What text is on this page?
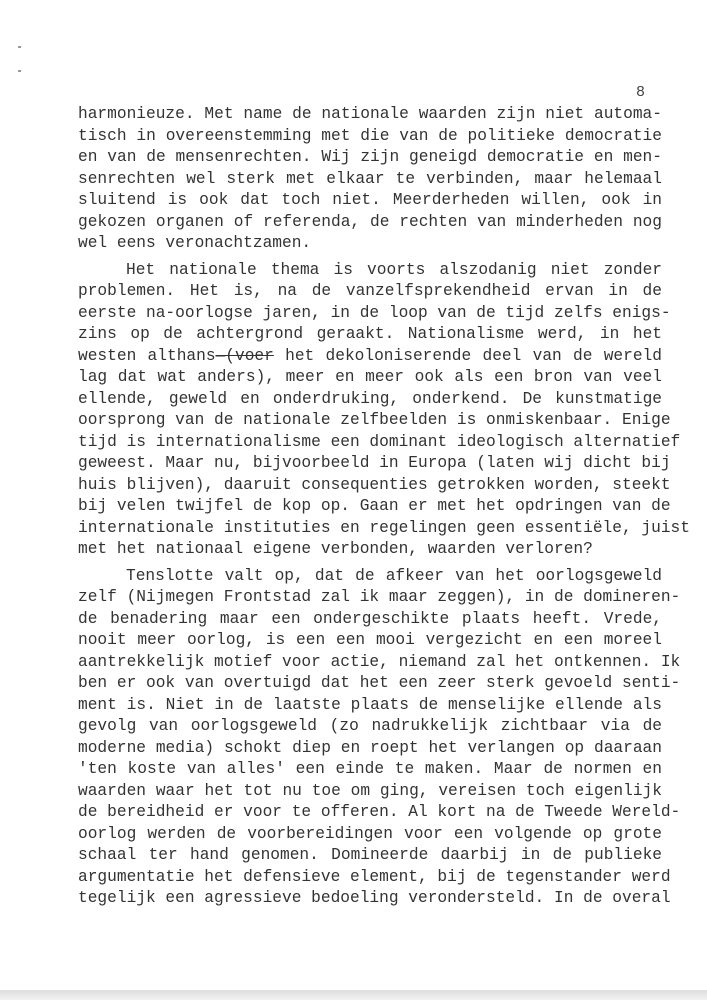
8
harmonieuze. Met name de nationale waarden zijn niet automa-
tisch in overeenstemming met die van de politieke democratie
en van de mensenrechten. Wij zijn geneigd democratie en men-
senrechten wel sterk met elkaar te verbinden, maar helemaal
sluitend is ook dat toch niet. Meerderheden willen, ook in
gekozen organen of referenda, de rechten van minderheden nog
wel eens veronachtzamen.
Het nationale thema is voorts alszodanig niet zonder
problemen. Het is, na de vanzelfsprekendheid ervan in de
eerste na-oorlogse jaren, in de loop van de tijd zelfs enigs-
zins op de achtergrond geraakt. Nationalisme werd, in het
westen althans—(voer het dekoloniserende deel van de wereld
lag dat wat anders), meer en meer ook als een bron van veel
ellende, geweld en onderdruking, onderkend. De kunstmatige
oorsprong van de nationale zelfbeelden is onmiskenbaar. Enige
tijd is internationalisme een dominant ideologisch alternatief
geweest. Maar nu, bijvoorbeeld in Europa (laten wij dicht bij
huis blijven), daaruit consequenties getrokken worden, steekt
bij velen twijfel de kop op. Gaan er met het opdringen van de
internationale instituties en regelingen geen essentiële, juist
met het nationaal eigene verbonden, waarden verloren?
Tenslotte valt op, dat de afkeer van het oorlogsgeweld
zelf (Nijmegen Frontstad zal ik maar zeggen), in de domineren-
de benadering maar een ondergeschikte plaats heeft. Vrede,
nooit meer oorlog, is een een mooi vergezicht en een moreel
aantrekkelijk motief voor actie, niemand zal het ontkennen. Ik
ben er ook van overtuigd dat het een zeer sterk gevoeld senti-
ment is. Niet in de laatste plaats de menselijke ellende als
gevolg van oorlogsgeweld (zo nadrukkelijk zichtbaar via de
moderne media) schokt diep en roept het verlangen op daaraan
'ten koste van alles' een einde te maken. Maar de normen en
waarden waar het tot nu toe om ging, vereisen toch eigenlijk
de bereidheid er voor te offeren. Al kort na de Tweede Wereld-
oorlog werden de voorbereidingen voor een volgende op grote
schaal ter hand genomen. Domineerde daarbij in de publieke
argumentatie het defensieve element, bij de tegenstander werd
tegelijk een agressieve bedoeling verondersteld. In de overal
